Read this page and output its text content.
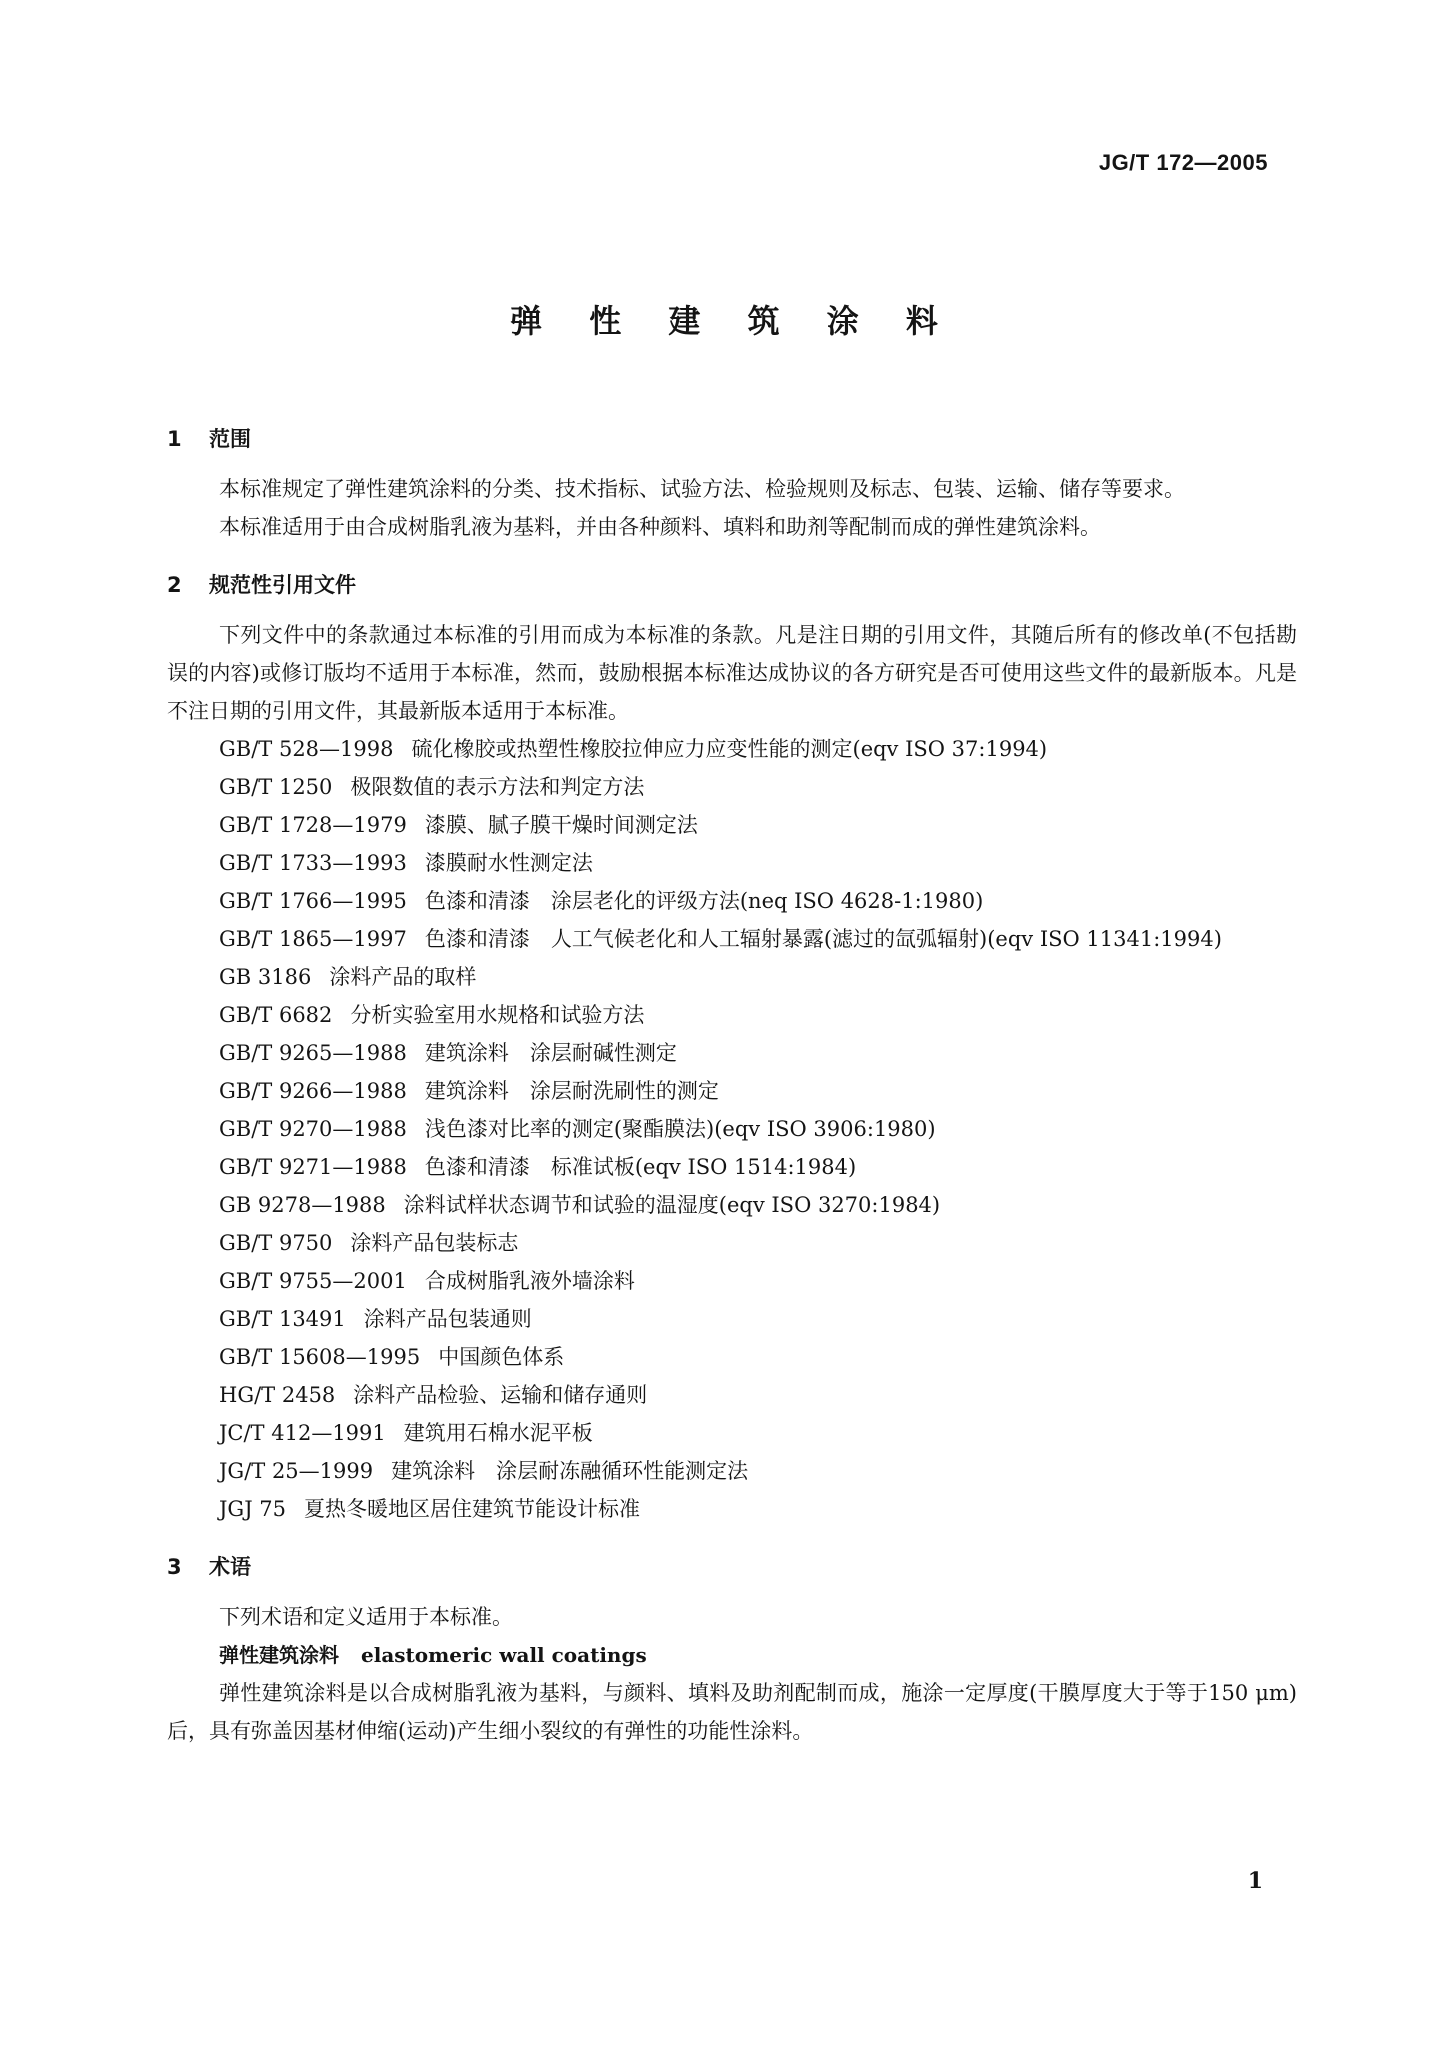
JG/T 172—2005
弹 性 建 筑 涂 料
1 范围

本标准规定了弹性建筑涂料的分类、技术指标、试验方法、检验规则及标志、包装、运输、储存等要求。

本标准适用于由合成树脂乳液为基料，并由各种颜料、填料和助剂等配制而成的弹性建筑涂料。

2 规范性引用文件

下列文件中的条款通过本标准的引用而成为本标准的条款。凡是注日期的引用文件，其随后所有的修改单(不包括勘误的内容)或修订版均不适用于本标准，然而，鼓励根据本标准达成协议的各方研究是否可使用这些文件的最新版本。凡是不注日期的引用文件，其最新版本适用于本标准。

GB/T 528—1998 硫化橡胶或热塑性橡胶拉伸应力应变性能的测定(eqv ISO 37:1994)
GB/T 1250 极限数值的表示方法和判定方法
GB/T 1728—1979 漆膜、腻子膜干燥时间测定法
GB/T 1733—1993 漆膜耐水性测定法
GB/T 1766—1995 色漆和清漆　涂层老化的评级方法(neq ISO 4628-1:1980)
GB/T 1865—1997 色漆和清漆　人工气候老化和人工辐射暴露(滤过的氙弧辐射)(eqv ISO 11341:1994)
GB 3186 涂料产品的取样
GB/T 6682 分析实验室用水规格和试验方法
GB/T 9265—1988 建筑涂料　涂层耐碱性测定
GB/T 9266—1988 建筑涂料　涂层耐洗刷性的测定
GB/T 9270—1988 浅色漆对比率的测定(聚酯膜法)(eqv ISO 3906:1980)
GB/T 9271—1988 色漆和清漆　标准试板(eqv ISO 1514:1984)
GB 9278—1988 涂料试样状态调节和试验的温湿度(eqv ISO 3270:1984)
GB/T 9750 涂料产品包装标志
GB/T 9755—2001 合成树脂乳液外墙涂料
GB/T 13491 涂料产品包装通则
GB/T 15608—1995 中国颜色体系
HG/T 2458 涂料产品检验、运输和储存通则
JC/T 412—1991 建筑用石棉水泥平板
JG/T 25—1999 建筑涂料　涂层耐冻融循环性能测定法
JGJ 75 夏热冬暖地区居住建筑节能设计标准
3 术语

下列术语和定义适用于本标准。

弹性建筑涂料 elastomeric wall coatings

弹性建筑涂料是以合成树脂乳液为基料，与颜料、填料及助剂配制而成，施涂一定厚度(干膜厚度大于等于150 μm)后，具有弥盖因基材伸缩(运动)产生细小裂纹的有弹性的功能性涂料。

1
